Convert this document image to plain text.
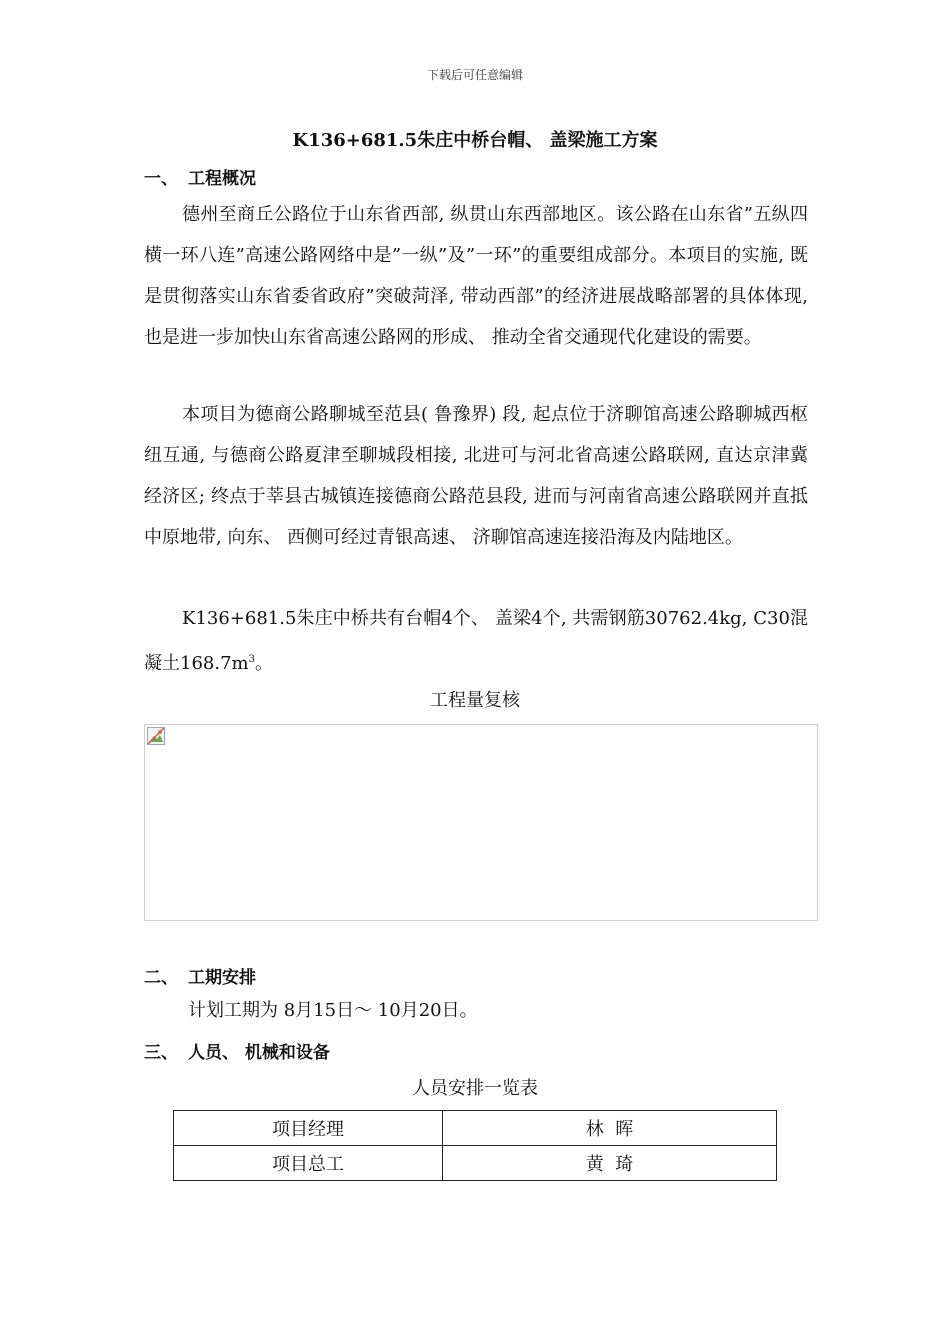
下载后可任意编辑
K136+681.5朱庄中桥台帽、 盖梁施工方案
一、 工程概况
德州至商丘公路位于山东省西部, 纵贯山东西部地区。该公路在山东省”五纵四横一环八连”高速公路网络中是”一纵”及”一环”的重要组成部分。本项目的实施, 既是贯彻落实山东省委省政府”突破菏泽, 带动西部”的经济进展战略部署的具体体现, 也是进一步加快山东省高速公路网的形成、 推动全省交通现代化建设的需要。
本项目为德商公路聊城至范县( 鲁豫界) 段, 起点位于济聊馆高速公路聊城西枢纽互通, 与德商公路夏津至聊城段相接, 北进可与河北省高速公路联网, 直达京津冀经济区; 终点于莘县古城镇连接德商公路范县段, 进而与河南省高速公路联网并直抵中原地带, 向东、 西侧可经过青银高速、 济聊馆高速连接沿海及内陆地区。
K136+681.5朱庄中桥共有台帽4个、 盖梁4个, 共需钢筋30762.4kg, C30混凝土$168.7m^3$。
工程量复核
二、 工期安排
计划工期为 8月15日～ 10月20日。
三、 人员、 机械和设备
人员安排一览表
项目经理	林  晖
项目总工	黄  琦
